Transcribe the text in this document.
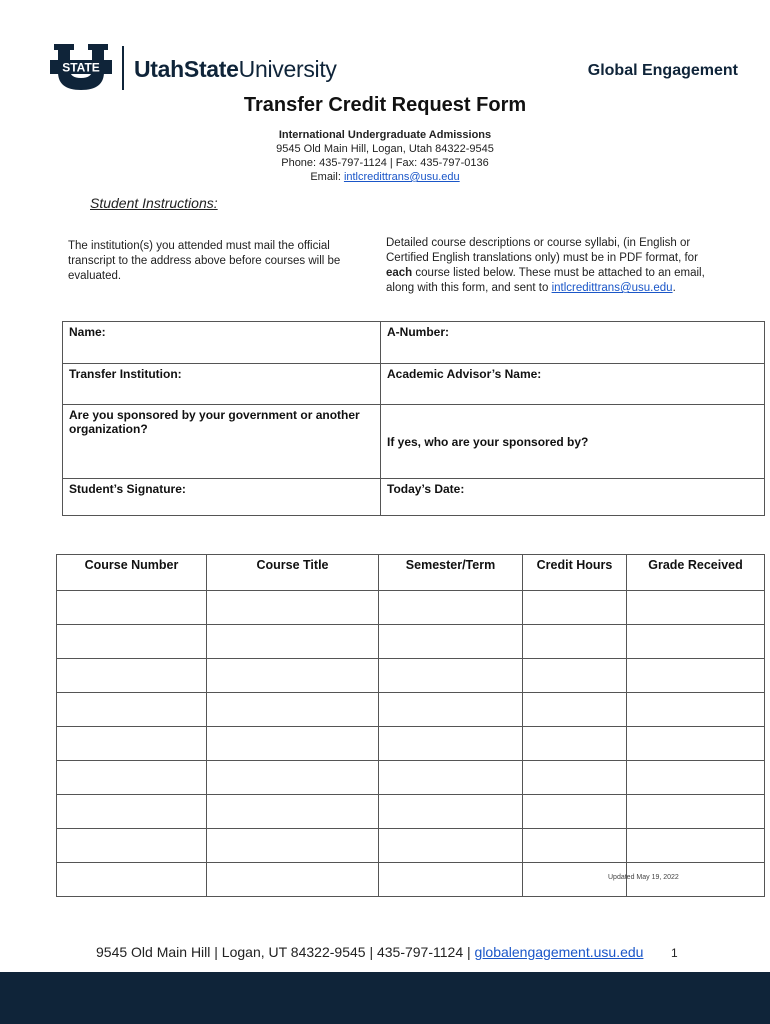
STATE UtahStateUniversity	Global Engagement
Transfer Credit Request Form
International Undergraduate Admissions
9545 Old Main Hill, Logan, Utah 84322-9545
Phone: 435-797-1124 | Fax: 435-797-0136
Email: intlcredittrans@usu.edu
Student Instructions:
The institution(s) you attended must mail the official transcript to the address above before courses will be evaluated.
Detailed course descriptions or course syllabi, (in English or Certified English translations only) must be in PDF format, for each course listed below. These must be attached to an email, along with this form, and sent to intlcredittrans@usu.edu.
Name:	A-Number:
Transfer Institution:	Academic Advisor’s Name:
Are you sponsored by your government or another organization?	If yes, who are your sponsored by?
Student’s Signature:	Today’s Date:
Course Number	Course Title	Semester/Term	Credit Hours	Grade Received

Updated May 19, 2022
9545 Old Main Hill | Logan, UT 84322-9545 | 435-797-1124 | globalengagement.usu.edu 1
